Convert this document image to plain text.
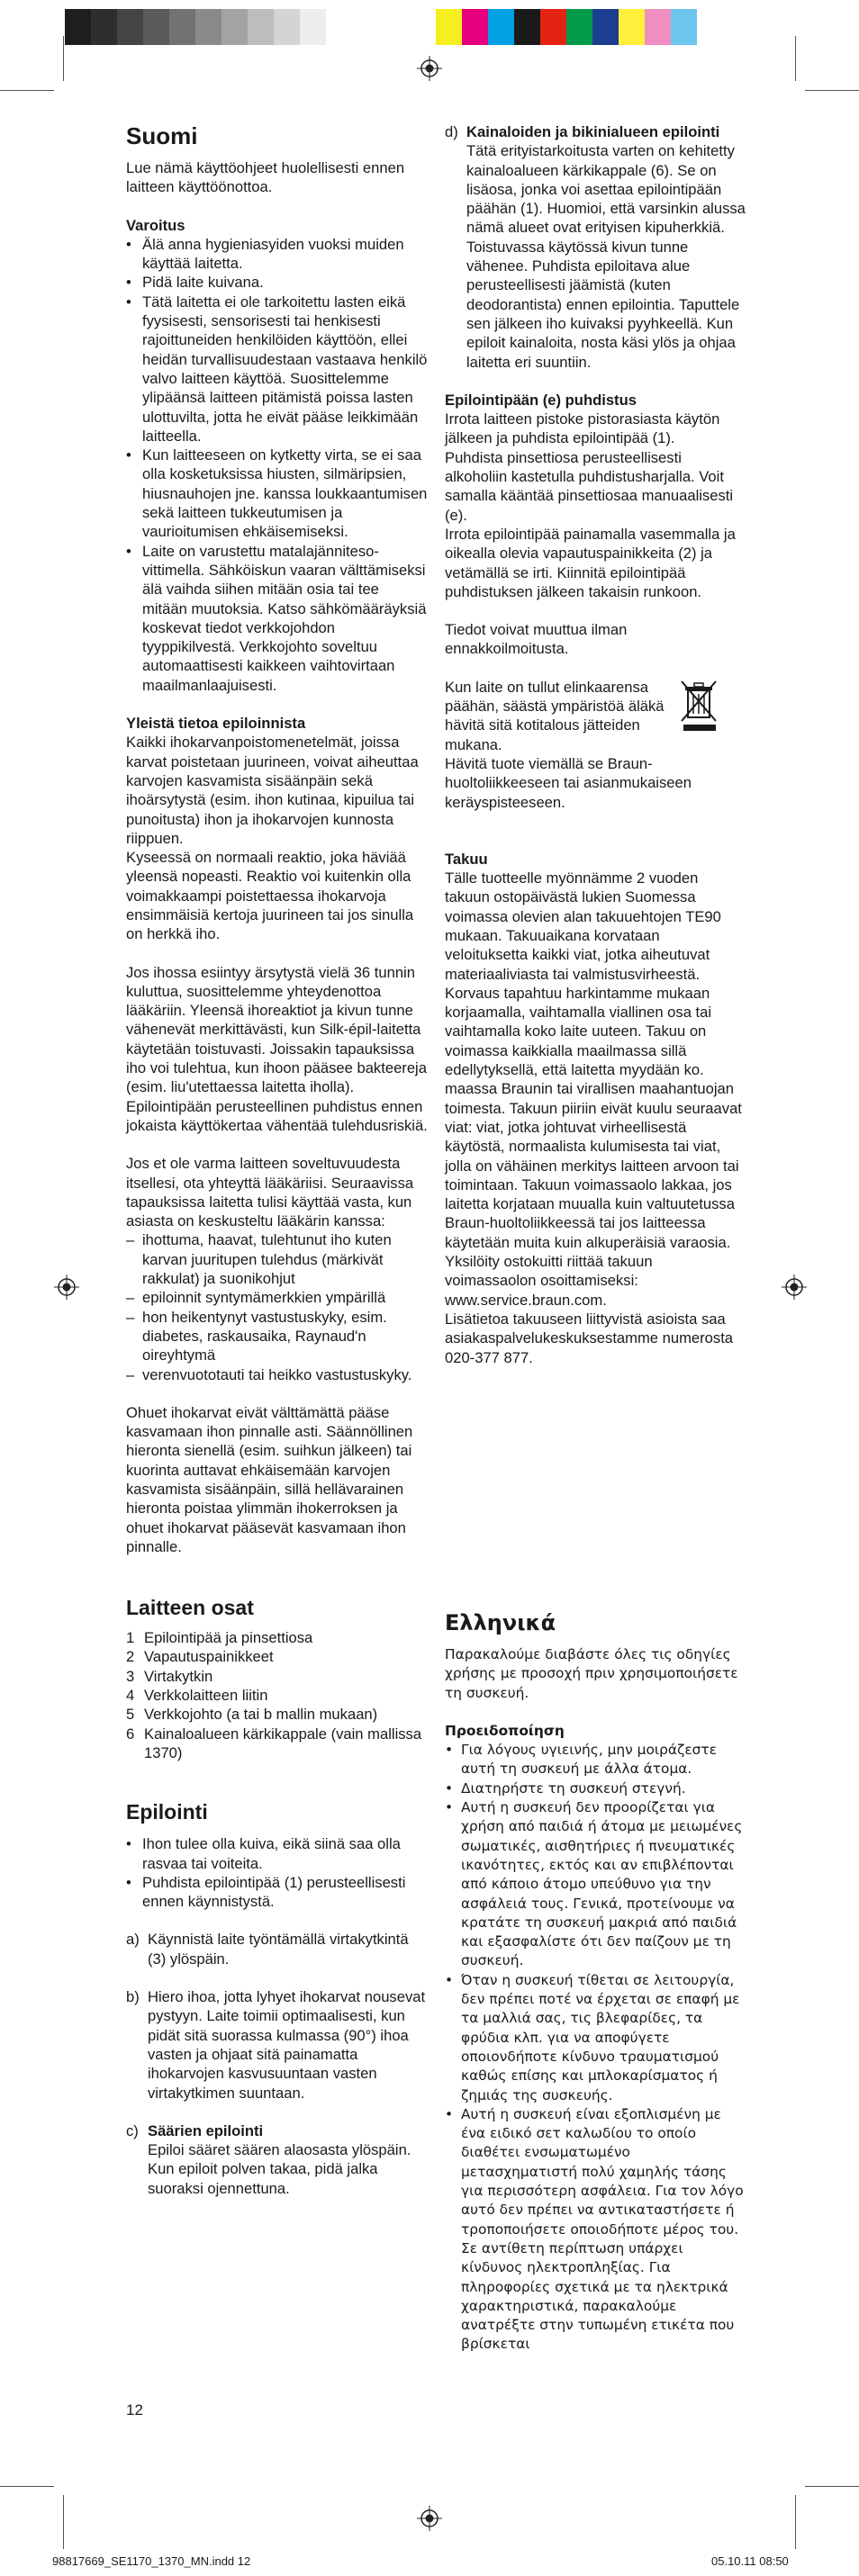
Suomi

Lue nämä käyttöohjeet huolellisesti ennen laitteen käyttöönottoa.

Varoitus
• Älä anna hygieniasyiden vuoksi muiden käyttää laitetta.
• Pidä laite kuivana.
• Tätä laitetta ei ole tarkoitettu lasten eikä fyysisesti, sensorisesti tai henkisesti rajoittuneiden henkilöiden käyttöön, ellei heidän turvallisuudestaan vastaava henkilö valvo laitteen käyttöä. Suosittelemme ylipäänsä laitteen pitämistä poissa lasten ulottuvilta, jotta he eivät pääse leikkimään laitteella.
• Kun laitteeseen on kytketty virta, se ei saa olla kosketuksissa hiusten, silmäripsien, hiusnauhojen jne. kanssa loukkaantumisen sekä laitteen tukkeutumisen ja vaurioitumisen ehkäisemiseksi.
• Laite on varustettu matalajänniteso-vittimella. Sähköiskun vaaran välttämiseksi älä vaihda siihen mitään osia tai tee mitään muutoksia. Katso sähkömääräyksiä koskevat tiedot verkkojohdon tyyppikilvestä. Verkkojohto soveltuu automaattisesti kaikkeen vaihtovirtaan maailmanlaajuisesti.
Yleistä tietoa epiloinnista

Kaikki ihokarvanpoistomenetelmät, joissa karvat poistetaan juurineen, voivat aiheuttaa karvojen kasvamista sisäänpäin sekä ihoärsytystä (esim. ihon kutinaa, kipuilua tai punoitusta) ihon ja ihokarvojen kunnosta riippuen.

Kyseessä on normaali reaktio, joka häviää yleensä nopeasti. Reaktio voi kuitenkin olla voimakkaampi poistettaessa ihokarvoja ensimmäisiä kertoja juurineen tai jos sinulla on herkkä iho.

Jos ihossa esiintyy ärsytystä vielä 36 tunnin kuluttua, suosittelemme yhteydenottoa lääkäriin. Yleensä ihoreaktiot ja kivun tunne vähenevät merkittävästi, kun Silk-épil-laitetta käytetään toistuvasti. Joissakin tapauksissa iho voi tulehtua, kun ihoon pääsee bakteereja (esim. liu'utettaessa laitetta iholla). Epilointipään perusteellinen puhdistus ennen jokaista käyttökertaa vähentää tulehdusriskiä.

Jos et ole varma laitteen soveltuvuudesta itsellesi, ota yhteyttä lääkäriisi. Seuraavissa tapauksissa laitetta tulisi käyttää vasta, kun asiasta on keskusteltu lääkärin kanssa:

– ihottuma, haavat, tulehtunut iho kuten karvan juuritupen tulehdus (märkivät rakkulat) ja suonikohjut
– epiloinnit syntymämerkkien ympärillä
– hon heikentynyt vastustuskyky, esim. diabetes, raskausaika, Raynaud'n oireyhtymä
– verenvuototauti tai heikko vastustuskyky.

Ohuet ihokarvat eivät välttämättä pääse kasvamaan ihon pinnalle asti. Säännöllinen hieronta sienellä (esim. suihkun jälkeen) tai kuorinta auttavat ehkäisemään karvojen kasvamista sisäänpäin, sillä hellävarainen hieronta poistaa ylimmän ihokerroksen ja ohuet ihokarvat pääsevät kasvamaan ihon pinnalle.

Laitteen osat
1 Epilointipää ja pinsettiosa
2 Vapautuspainikkeet
3 Virtakytkin
4 Verkkolaitteen liitin
5 Verkkojohto (a tai b mallin mukaan)
6 Kainaloalueen kärkikappale (vain mallissa 1370)
Epilointi
• Ihon tulee olla kuiva, eikä siinä saa olla rasvaa tai voiteita.
• Puhdista epilointipää (1) perusteellisesti ennen käynnistystä.
a) Käynnistä laite työntämällä virtakytkintä (3) ylöspäin.
b) Hiero ihoa, jotta lyhyet ihokarvat nousevat pystyyn. Laite toimii optimaalisesti, kun pidät sitä suorassa kulmassa (90°) ihoa vasten ja ohjaat sitä painamatta ihokarvojen kasvusuuntaan vasten virtakytkimen suuntaan.
c) Säärien epilointi
Epiloi sääret säären alaosasta ylöspäin. Kun epiloit polven takaa, pidä jalka suoraksi ojennettuna.
d) Kainaloiden ja bikinialueen epilointi
Tätä erityistarkoitusta varten on kehitetty kainaloalueen kärkikappale (6). Se on lisäosa, jonka voi asettaa epilointipään päähän (1). Huomioi, että varsinkin alussa nämä alueet ovat erityisen kipuherkkiä. Toistuvassa käytössä kivun tunne vähenee. Puhdista epiloitava alue perusteellisesti jäämistä (kuten deodorantista) ennen epilointia. Taputtele sen jälkeen iho kuivaksi pyyhkeellä. Kun epiloit kainaloita, nosta käsi ylös ja ohjaa laitetta eri suuntiin.
Epilointipään (e) puhdistus

Irrota laitteen pistoke pistorasiasta käytön jälkeen ja puhdista epilointipää (1).

Puhdista pinsettiosa perusteellisesti alkoholiin kastetulla puhdistusharjalla. Voit samalla kääntää pinsettiosaa manuaalisesti (e).

Irrota epilointipää painamalla vasemmalla ja oikealla olevia vapautuspainikkeita (2) ja vetämällä se irti. Kiinnitä epilointipää puhdistuksen jälkeen takaisin runkoon.

Tiedot voivat muuttua ilman ennakkoilmoitusta.

Kun laite on tullut elinkaarensa päähän, säästä ympäristöä äläkä hävitä sitä kotitalous jätteiden mukana.

Hävitä tuote viemällä se Braun-huoltoliikkeeseen tai asianmukaiseen keräyspisteeseen.

Takuu

Tälle tuotteelle myönnämme 2 vuoden takuun ostopäivästä lukien Suomessa voimassa olevien alan takuuehtojen TE90 mukaan. Takuuaikana korvataan veloituksetta kaikki viat, jotka aiheutuvat materiaaliviasta tai valmistusvirheestä. Korvaus tapahtuu harkintamme mukaan korjaamalla, vaihtamalla viallinen osa tai vaihtamalla koko laite uuteen. Takuu on voimassa kaikkialla maailmassa sillä edellytyksellä, että laitetta myydään ko. maassa Braunin tai virallisen maahantuojan toimesta. Takuun piiriin eivät kuulu seuraavat viat: viat, jotka johtuvat virheellisestä käytöstä, normaalista kulumisesta tai viat, jolla on vähäinen merkitys laitteen arvoon tai toimintaan. Takuun voimassaolo lakkaa, jos laitetta korjataan muualla kuin valtuutetussa Braun-huoltoliikkeessä tai jos laitteessa käytetään muita kuin alkuperäisiä varaosia.

Yksilöity ostokuitti riittää takuun voimassaolon osoittamiseksi: www.service.braun.com.

Lisätietoa takuuseen liittyvistä asioista saa asiakaspalvelukeskuksestamme numerosta 020-377 877.

Ελληνικά

Παρακαλούμε διαβάστε όλες τις οδηγίες χρήσης με προσοχή πριν χρησιμοποιήσετε τη συσκευή.

Προειδοποίηση
• Για λόγους υγιεινής, μην μοιράζεστε αυτή τη συσκευή με άλλα άτομα.
• Διατηρήστε τη συσκευή στεγνή.
• Αυτή η συσκευή δεν προορίζεται για χρήση από παιδιά ή άτομα με μειωμένες σωματικές, αισθητήριες ή πνευματικές ικανότητες, εκτός και αν επιβλέπονται από κάποιο άτομο υπεύθυνο για την ασφάλειά τους. Γενικά, προτείνουμε να κρατάτε τη συσκευή μακριά από παιδιά και εξασφαλίστε ότι δεν παίζουν με τη συσκευή.
• Όταν η συσκευή τίθεται σε λειτουργία, δεν πρέπει ποτέ να έρχεται σε επαφή με τα μαλλιά σας, τις βλεφαρίδες, τα φρύδια κλπ. για να αποφύγετε οποιονδήποτε κίνδυνο τραυματισμού καθώς επίσης και μπλοκαρίσματος ή ζημιάς της συσκευής.
• Αυτή η συσκευή είναι εξοπλισμένη με ένα ειδικό σετ καλωδίου το οποίο διαθέτει ενσωματωμένο μετασχηματιστή πολύ χαμηλής τάσης για περισσότερη ασφάλεια. Για τον λόγο αυτό δεν πρέπει να αντικαταστήσετε ή τροποποιήσετε οποιοδήποτε μέρος του. Σε αντίθετη περίπτωση υπάρχει κίνδυνος ηλεκτροπληξίας. Για πληροφορίες σχετικά με τα ηλεκτρικά χαρακτηριστικά, παρακαλούμε ανατρέξτε στην τυπωμένη ετικέτα που βρίσκεται
12
98817669_SE1170_1370_MN.indd 12	05.10.11 08:50
